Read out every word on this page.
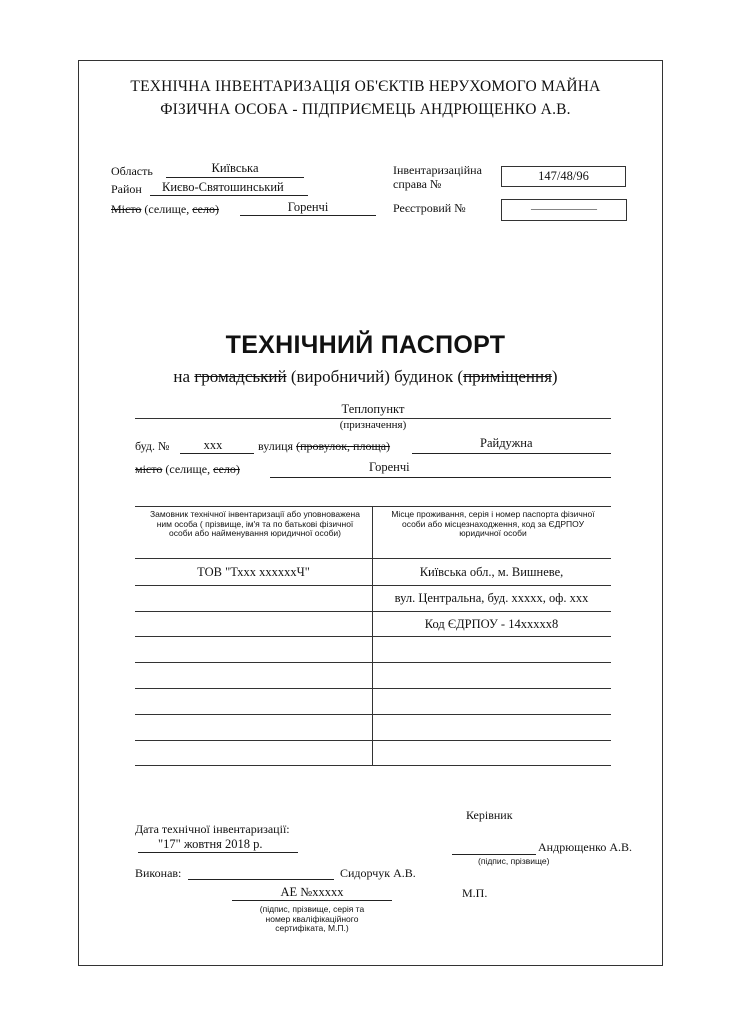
ТЕХНІЧНА ІНВЕНТАРИЗАЦІЯ ОБ'ЄКТІВ НЕРУХОМОГО МАЙНА
ФІЗИЧНА ОСОБА - ПІДПРИЄМЕЦЬ АНДРЮЩЕНКО А.В.
Область	Київська
Район Києво-Святошинський
Місто (селище, село)	Горенчі
Інвентаризаційна
справа №
147/48/96
Реєстровий №	——————
ТЕХНІЧНИЙ ПАСПОРТ
на громадський (виробничий) будинок (приміщення)
Теплопункт
(призначення)
буд. №	ххх	вулиця (провулок, площа)	Райдужна
місто (селище, село)	Горенчі
Замовник технічної інвентаризації або уповноважена ним особа ( прізвище, ім'я та по батькові фізичної особи або найменування юридичної особи)
Місце проживання, серія і номер паспорта фізичної особи або місцезнаходження, код за ЄДРПОУ юридичної особи
ТОВ "Тххх ххххххЧ"	Київська обл., м. Вишневе,
вул. Центральна, буд. ххххх, оф. ххх
Код ЄДРПОУ - 14ххххх8
Керівник
Андрющенко А.В.
(підпис, прізвище)
Дата технічної інвентаризації:
"17" жовтня 2018 р.
Виконав:	Сидорчук А.В.
АЕ №ххххх
(підпис, прізвище, серія та
номер кваліфікаційного
сертифіката, М.П.)
М.П.
